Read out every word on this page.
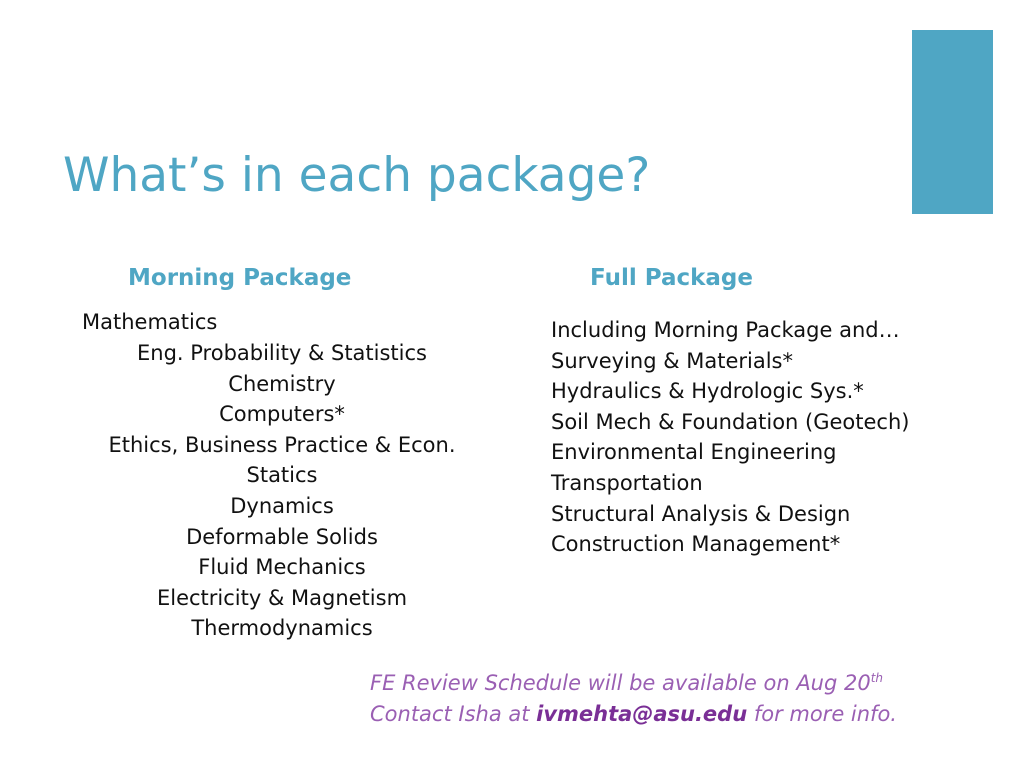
What’s in each package?
Morning Package	Full Package
Mathematics
Eng. Probability & Statistics
Chemistry
Computers*
Ethics, Business Practice & Econ.
Statics
Dynamics
Deformable Solids
Fluid Mechanics
Electricity & Magnetism
Thermodynamics
Including Morning Package and…
Surveying & Materials*
Hydraulics & Hydrologic Sys.*
Soil Mech & Foundation (Geotech)
Environmental Engineering
Transportation
Structural Analysis & Design
Construction Management*
FE Review Schedule will be available on Aug 20th
Contact Isha at ivmehta@asu.edu for more info.
